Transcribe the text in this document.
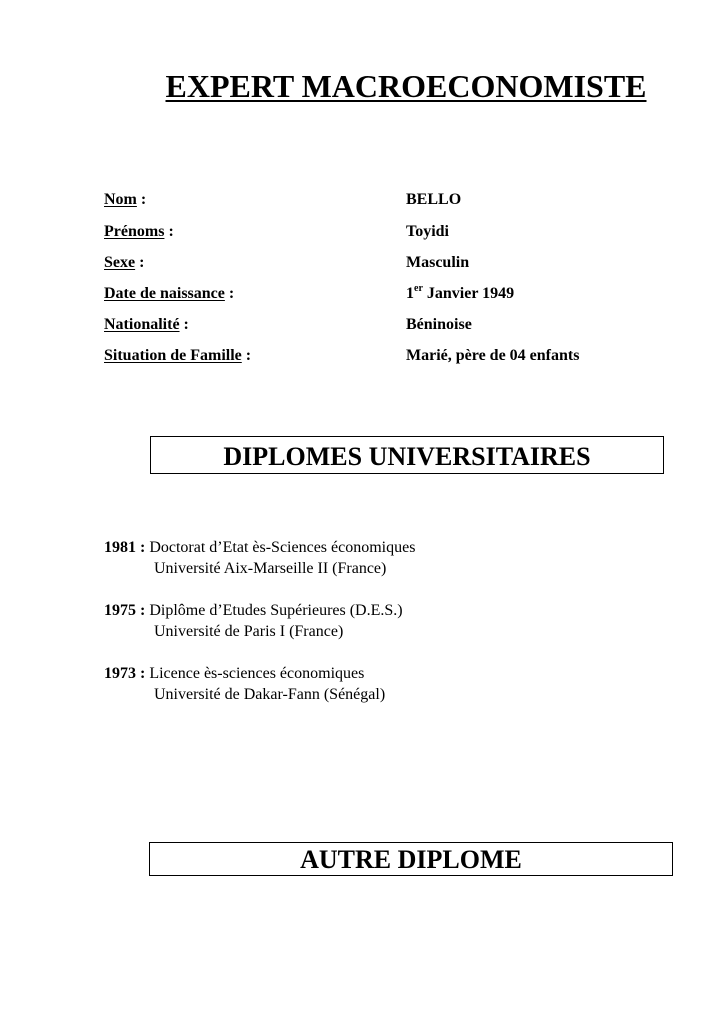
EXPERT MACROECONOMISTE
Nom :	BELLO
Prénoms :	Toyidi
Sexe :	Masculin
Date de naissance :	1er Janvier 1949
Nationalité :	Béninoise
Situation de Famille :	Marié, père de 04 enfants
DIPLOMES UNIVERSITAIRES
1981 : Doctorat d’Etat ès-Sciences économiques
Université Aix-Marseille II (France)
1975 : Diplôme d’Etudes Supérieures (D.E.S.)
Université de Paris I (France)
1973 : Licence ès-sciences économiques
Université de Dakar-Fann (Sénégal)
AUTRE DIPLOME
